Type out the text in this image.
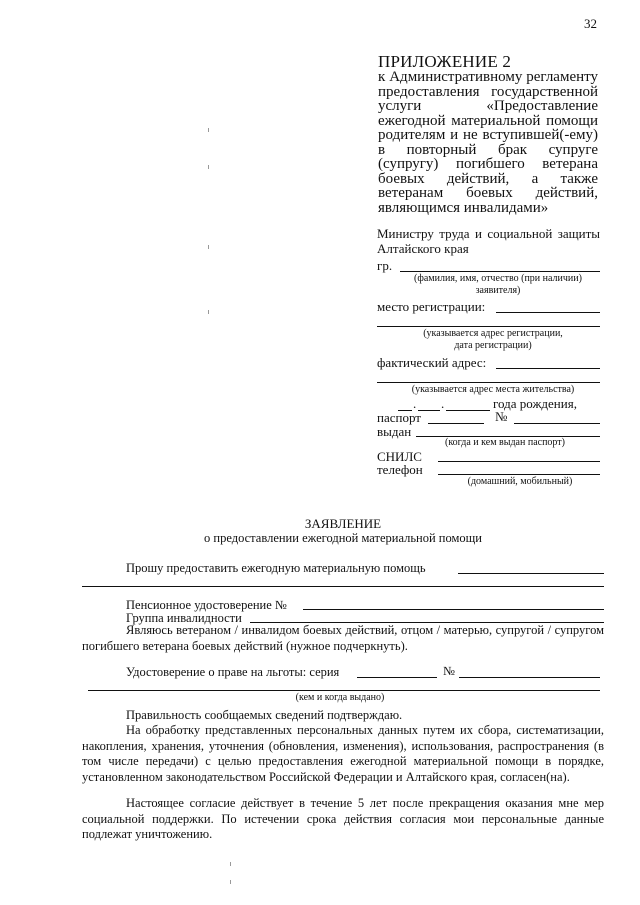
32
ПРИЛОЖЕНИЕ 2
к Административному регламенту предоставления государственной услуги «Предоставление ежегодной материальной помощи родителям и не вступившей(-ему) в повторный брак супруге (супругу) погибшего ветерана боевых действий, а также ветеранам боевых действий, являющимся инвалидами»
Министру труда и социальной защиты Алтайского края
гр.
(фамилия, имя, отчество (при наличии)
заявителя)
место регистрации:
(указывается адрес регистрации,
дата регистрации)
фактический адрес:
(указывается адрес места жительства)
. .	года рождения,
паспорт	№
выдан
(когда и кем выдан паспорт)
СНИЛС
телефон
(домашний, мобильный)
ЗАЯВЛЕНИЕ
о предоставлении ежегодной материальной помощи
Прошу предоставить ежегодную материальную помощь
Пенсионное удостоверение №
Группа инвалидности
Являюсь ветераном / инвалидом боевых действий, отцом / матерью, супругой / супругом погибшего ветерана боевых действий (нужное подчеркнуть).
Удостоверение о праве на льготы: серия	№
(кем и когда выдано)
Правильность сообщаемых сведений подтверждаю.
На обработку представленных персональных данных путем их сбора, систематизации, накопления, хранения, уточнения (обновления, изменения), использования, распространения (в том числе передачи) с целью предоставления ежегодной материальной помощи в порядке, установленном законодательством Российской Федерации и Алтайского края, согласен(на).
Настоящее согласие действует в течение 5 лет после прекращения оказания мне мер социальной поддержки. По истечении срока действия согласия мои персональные данные подлежат уничтожению.
